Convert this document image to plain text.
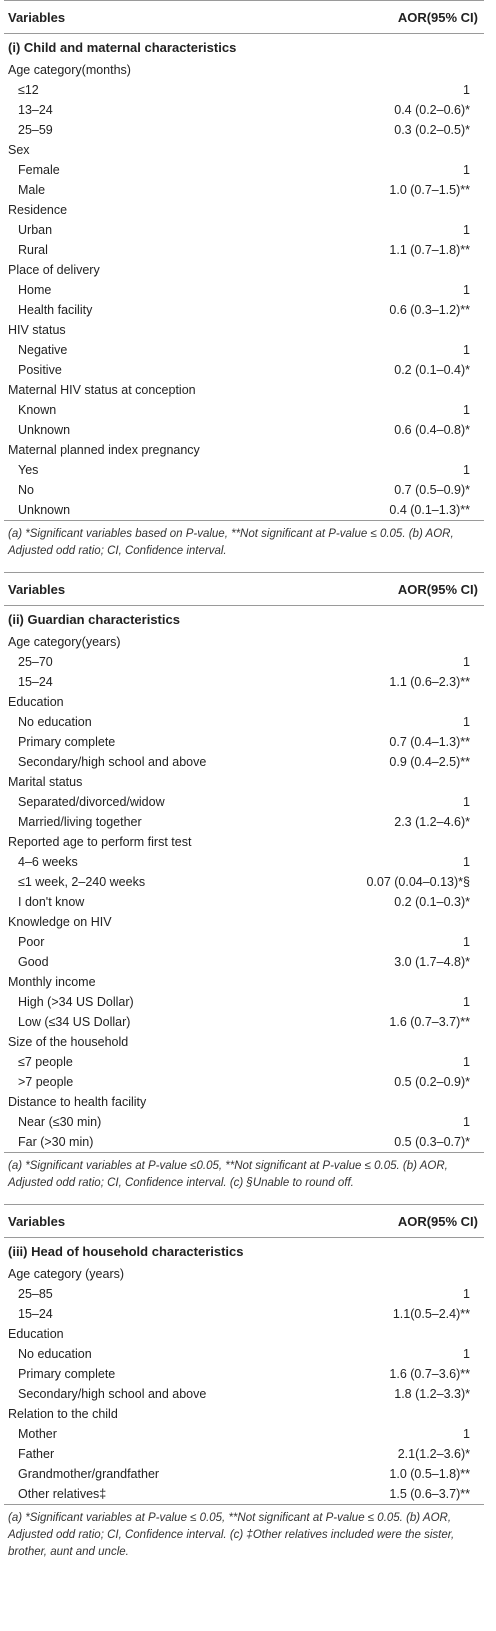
Variables	AOR(95% CI)
(i) Child and maternal characteristics
Age category(months)
≤12	1
13–24	0.4 (0.2–0.6)*
25–59	0.3 (0.2–0.5)*
Sex
Female	1
Male	1.0 (0.7–1.5)**
Residence
Urban	1
Rural	1.1 (0.7–1.8)**
Place of delivery
Home	1
Health facility	0.6 (0.3–1.2)**
HIV status
Negative	1
Positive	0.2 (0.1–0.4)*
Maternal HIV status at conception
Known	1
Unknown	0.6 (0.4–0.8)*
Maternal planned index pregnancy
Yes	1
No	0.7 (0.5–0.9)*
Unknown	0.4 (0.1–1.3)**
(a) *Significant variables based on P-value, **Not significant at P-value ≤ 0.05. (b) AOR, Adjusted odd ratio; CI, Confidence interval.
Variables	AOR(95% CI)
(ii) Guardian characteristics
Age category(years)
25–70	1
15–24	1.1 (0.6–2.3)**
Education
No education	1
Primary complete	0.7 (0.4–1.3)**
Secondary/high school and above	0.9 (0.4–2.5)**
Marital status
Separated/divorced/widow	1
Married/living together	2.3 (1.2–4.6)*
Reported age to perform first test
4–6 weeks	1
≤1 week, 2–240 weeks	0.07 (0.04–0.13)*§
I don't know	0.2 (0.1–0.3)*
Knowledge on HIV
Poor	1
Good	3.0 (1.7–4.8)*
Monthly income
High (>34 US Dollar)	1
Low (≤34 US Dollar)	1.6 (0.7–3.7)**
Size of the household
≤7 people	1
>7 people	0.5 (0.2–0.9)*
Distance to health facility
Near (≤30 min)	1
Far (>30 min)	0.5 (0.3–0.7)*
(a) *Significant variables at P-value ≤0.05, **Not significant at P-value ≤ 0.05. (b) AOR, Adjusted odd ratio; CI, Confidence interval. (c) §Unable to round off.
Variables	AOR(95% CI)
(iii) Head of household characteristics
Age category (years)
25–85	1
15–24	1.1(0.5–2.4)**
Education
No education	1
Primary complete	1.6 (0.7–3.6)**
Secondary/high school and above	1.8 (1.2–3.3)*
Relation to the child
Mother	1
Father	2.1(1.2–3.6)*
Grandmother/grandfather	1.0 (0.5–1.8)**
Other relatives‡	1.5 (0.6–3.7)**
(a) *Significant variables at P-value ≤ 0.05, **Not significant at P-value ≤ 0.05. (b) AOR, Adjusted odd ratio; CI, Confidence interval. (c) ‡Other relatives included were the sister, brother, aunt and uncle.
